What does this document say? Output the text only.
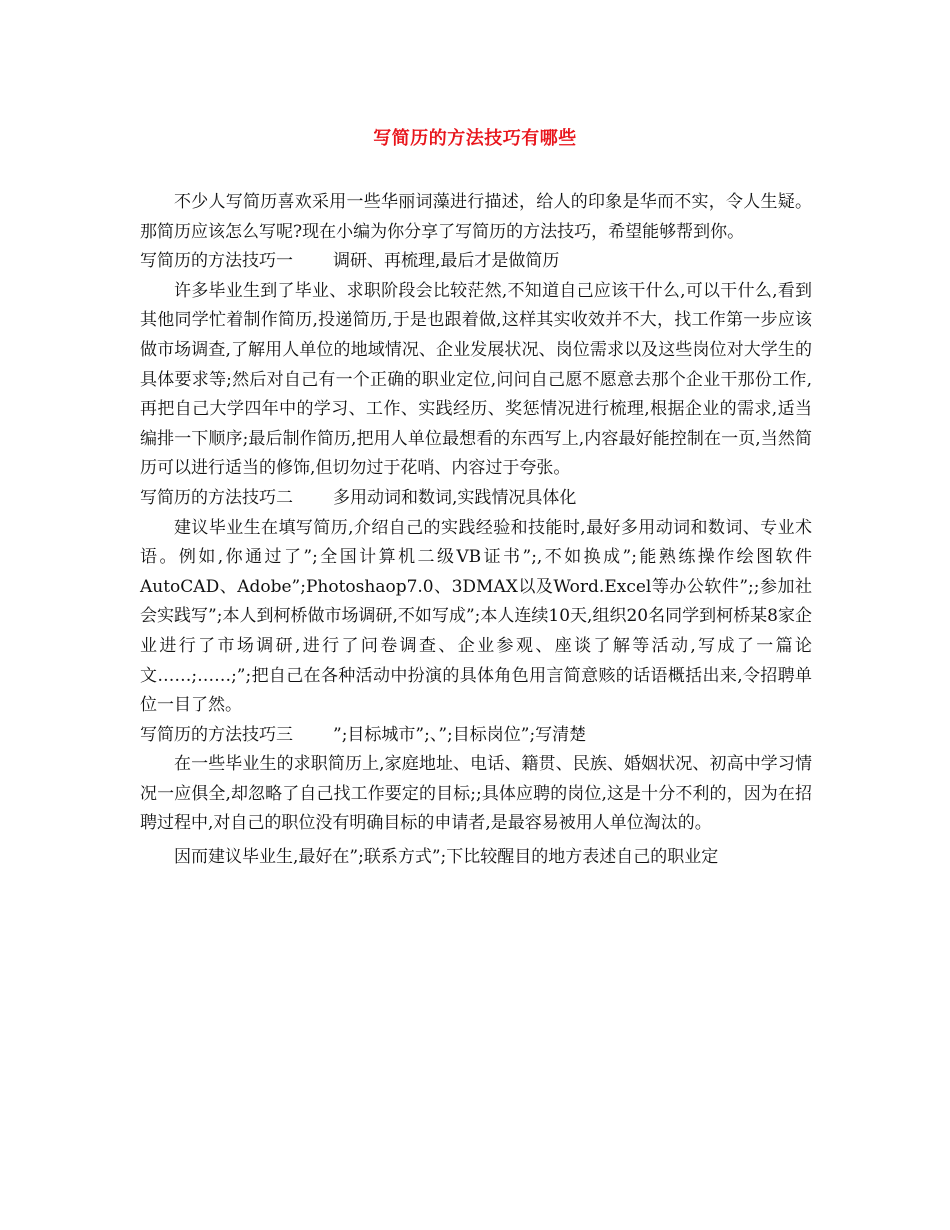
写简历的方法技巧有哪些

不少人写简历喜欢采用一些华丽词藻进行描述，给人的印象是华而不实，令人生疑。那简历应该怎么写呢?现在小编为你分享了写简历的方法技巧，希望能够帮到你。

写简历的方法技巧一 调研、再梳理,最后才是做简历

许多毕业生到了毕业、求职阶段会比较茫然,不知道自己应该干什么,可以干什么,看到其他同学忙着制作简历,投递简历,于是也跟着做,这样其实收效并不大，找工作第一步应该做市场调查,了解用人单位的地域情况、企业发展状况、岗位需求以及这些岗位对大学生的具体要求等;然后对自己有一个正确的职业定位,问问自己愿不愿意去那个企业干那份工作,再把自己大学四年中的学习、工作、实践经历、奖惩情况进行梳理,根据企业的需求,适当编排一下顺序;最后制作简历,把用人单位最想看的东西写上,内容最好能控制在一页,当然简历可以进行适当的修饰,但切勿过于花哨、内容过于夸张。

写简历的方法技巧二 多用动词和数词,实践情况具体化

建议毕业生在填写简历,介绍自己的实践经验和技能时,最好多用动词和数词、专业术语。例如,你通过了”;全国计算机二级VB证书”;,不如换成”;能熟练操作绘图软件AutoCAD、Adobe”;Photoshaop7.0、3DMAX以及Word.Excel等办公软件”;;参加社会实践写”;本人到柯桥做市场调研,不如写成”;本人连续10天,组织20名同学到柯桥某8家企业进行了市场调研,进行了问卷调查、企业参观、座谈了解等活动,写成了一篇论文……;……;”;把自己在各种活动中扮演的具体角色用言简意赅的话语概括出来,令招聘单位一目了然。

写简历的方法技巧三 ”;目标城市”;、”;目标岗位”;写清楚

在一些毕业生的求职简历上,家庭地址、电话、籍贯、民族、婚姻状况、初高中学习情况一应俱全,却忽略了自己找工作要定的目标;;具体应聘的岗位,这是十分不利的，因为在招聘过程中,对自己的职位没有明确目标的申请者,是最容易被用人单位淘汰的。

因而建议毕业生,最好在”;联系方式”;下比较醒目的地方表述自己的职业定
